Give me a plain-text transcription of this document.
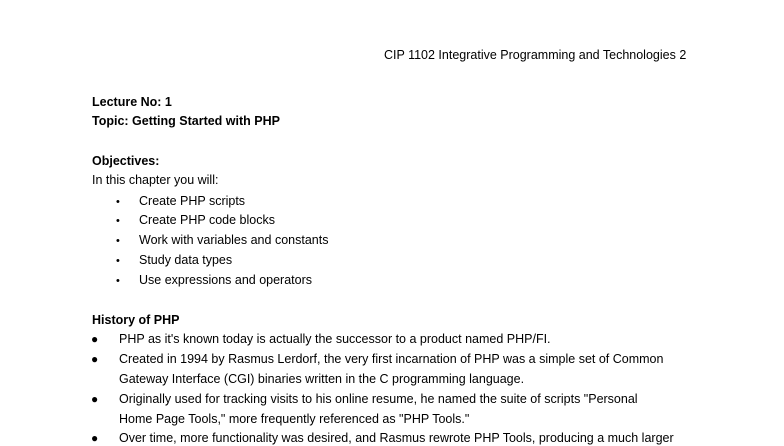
CIP 1102 Integrative Programming and Technologies 2
Lecture No: 1
Topic: Getting Started with PHP
Objectives:
In this chapter you will:
• Create PHP scripts
• Create PHP code blocks
• Work with variables and constants
• Study data types
• Use expressions and operators
History of PHP
● PHP as it's known today is actually the successor to a product named PHP/FI.
● Created in 1994 by Rasmus Lerdorf, the very first incarnation of PHP was a simple set of Common
Gateway Interface (CGI) binaries written in the C programming language.
● Originally used for tracking visits to his online resume, he named the suite of scripts "Personal
Home Page Tools," more frequently referenced as "PHP Tools."
● Over time, more functionality was desired, and Rasmus rewrote PHP Tools, producing a much larger
